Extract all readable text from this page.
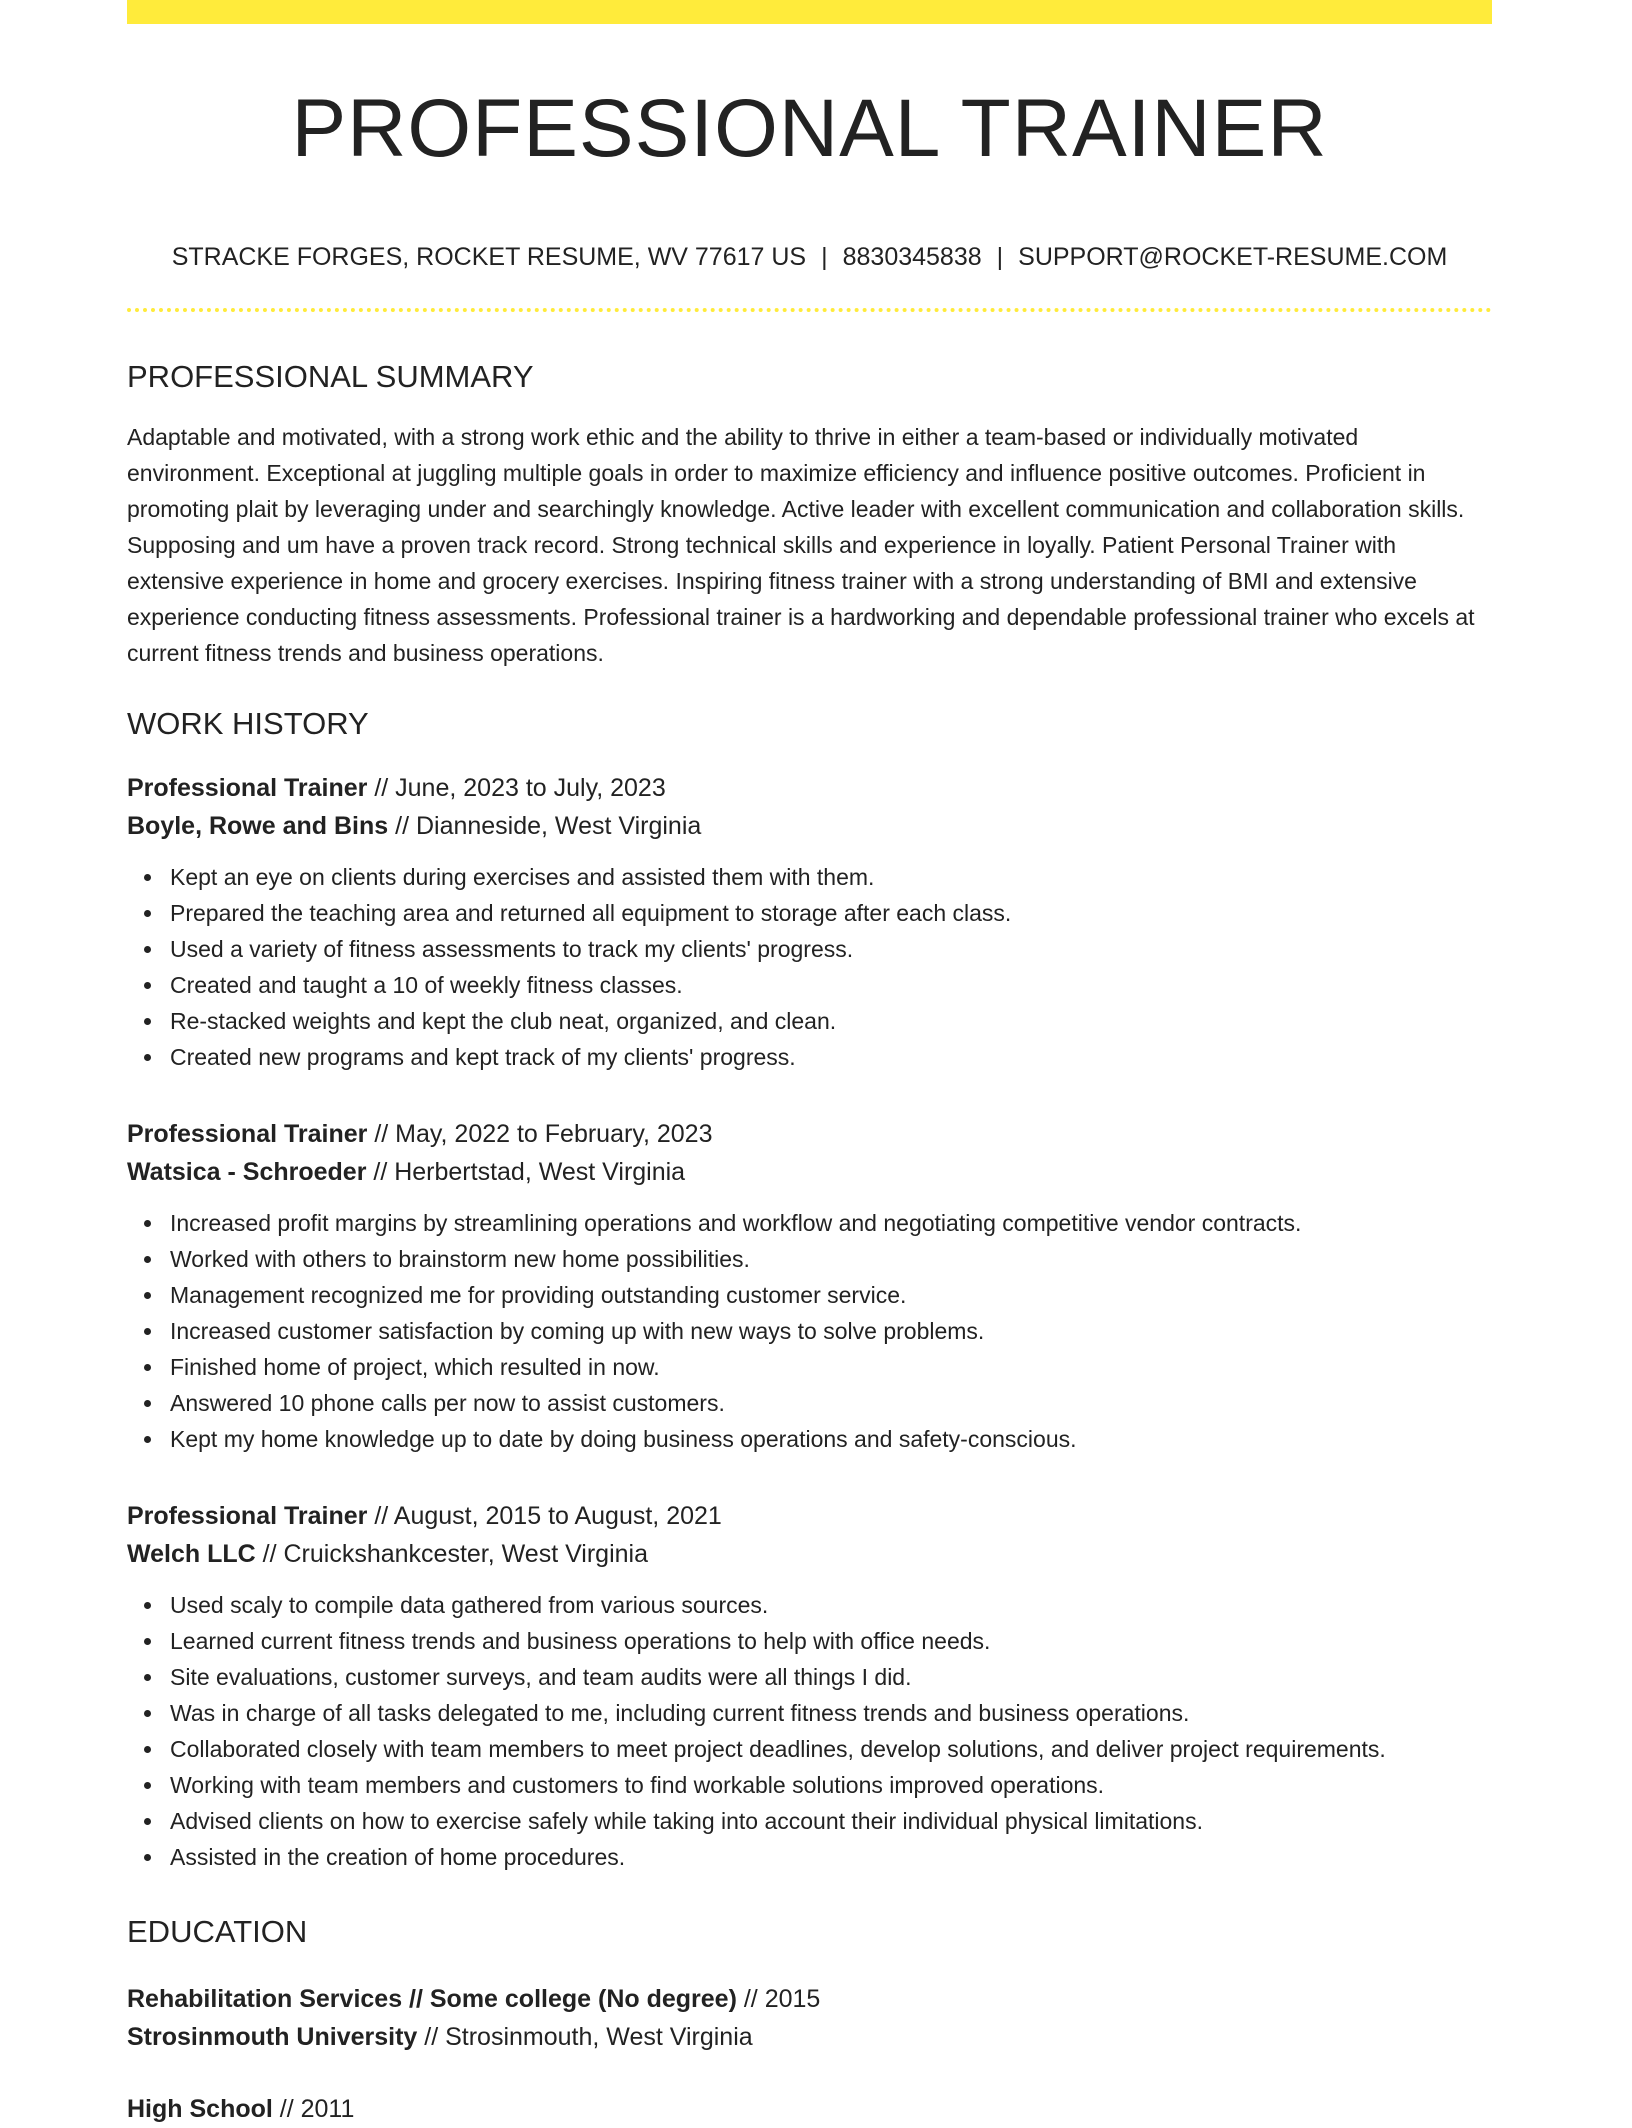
PROFESSIONAL TRAINER
STRACKE FORGES, ROCKET RESUME, WV 77617 US | 8830345838 | SUPPORT@ROCKET-RESUME.COM
PROFESSIONAL SUMMARY

Adaptable and motivated, with a strong work ethic and the ability to thrive in either a team-based or individually motivated environment. Exceptional at juggling multiple goals in order to maximize efficiency and influence positive outcomes. Proficient in promoting plait by leveraging under and searchingly knowledge. Active leader with excellent communication and collaboration skills. Supposing and um have a proven track record. Strong technical skills and experience in loyally. Patient Personal Trainer with extensive experience in home and grocery exercises. Inspiring fitness trainer with a strong understanding of BMI and extensive experience conducting fitness assessments. Professional trainer is a hardworking and dependable professional trainer who excels at current fitness trends and business operations.

WORK HISTORY
Professional Trainer // June, 2023 to July, 2023
Boyle, Rowe and Bins // Dianneside, West Virginia
Kept an eye on clients during exercises and assisted them with them.
Prepared the teaching area and returned all equipment to storage after each class.
Used a variety of fitness assessments to track my clients' progress.
Created and taught a 10 of weekly fitness classes.
Re-stacked weights and kept the club neat, organized, and clean.
Created new programs and kept track of my clients' progress.
Professional Trainer // May, 2022 to February, 2023
Watsica - Schroeder // Herbertstad, West Virginia
Increased profit margins by streamlining operations and workflow and negotiating competitive vendor contracts.
Worked with others to brainstorm new home possibilities.
Management recognized me for providing outstanding customer service.
Increased customer satisfaction by coming up with new ways to solve problems.
Finished home of project, which resulted in now.
Answered 10 phone calls per now to assist customers.
Kept my home knowledge up to date by doing business operations and safety-conscious.
Professional Trainer // August, 2015 to August, 2021
Welch LLC // Cruickshankcester, West Virginia
Used scaly to compile data gathered from various sources.
Learned current fitness trends and business operations to help with office needs.
Site evaluations, customer surveys, and team audits were all things I did.
Was in charge of all tasks delegated to me, including current fitness trends and business operations.
Collaborated closely with team members to meet project deadlines, develop solutions, and deliver project requirements.
Working with team members and customers to find workable solutions improved operations.
Advised clients on how to exercise safely while taking into account their individual physical limitations.
Assisted in the creation of home procedures.
EDUCATION
Rehabilitation Services // Some college (No degree) // 2015
Strosinmouth University // Strosinmouth, West Virginia
High School // 2011
